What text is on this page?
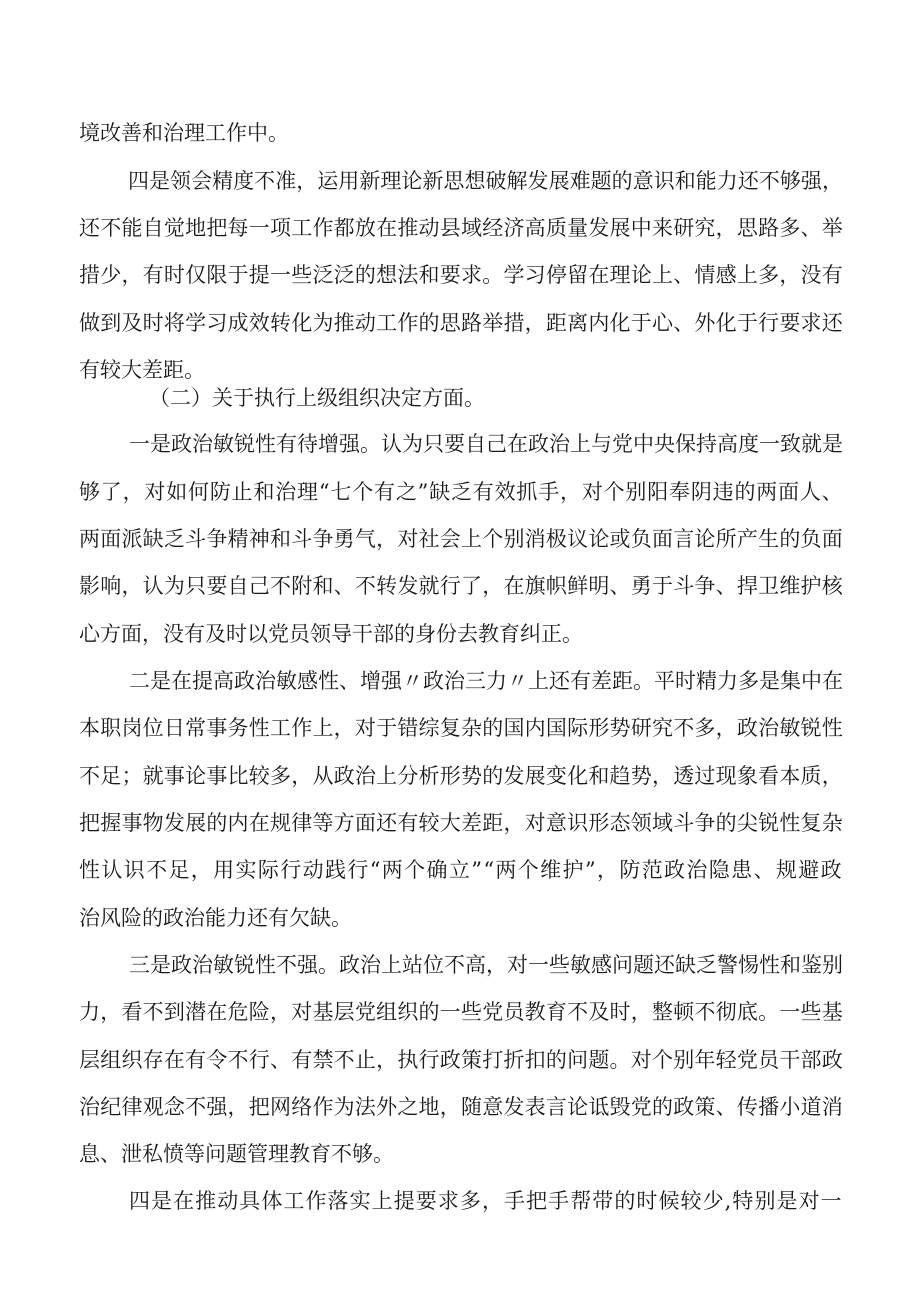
境改善和治理工作中。
四是领会精度不准，运用新理论新思想破解发展难题的意识和能力还不够强，
还不能自觉地把每一项工作都放在推动县域经济高质量发展中来研究，思路多、举
措少，有时仅限于提一些泛泛的想法和要求。学习停留在理论上、情感上多，没有
做到及时将学习成效转化为推动工作的思路举措，距离内化于心、外化于行要求还
有较大差距。
（二）关于执行上级组织决定方面。
一是政治敏锐性有待增强。认为只要自己在政治上与党中央保持高度一致就是
够了，对如何防止和治理“七个有之”缺乏有效抓手，对个别阳奉阴违的两面人、
两面派缺乏斗争精神和斗争勇气，对社会上个别消极议论或负面言论所产生的负面
影响，认为只要自己不附和、不转发就行了，在旗帜鲜明、勇于斗争、捍卫维护核
心方面，没有及时以党员领导干部的身份去教育纠正。
二是在提高政治敏感性、增强〃政治三力〃上还有差距。平时精力多是集中在
本职岗位日常事务性工作上，对于错综复杂的国内国际形势研究不多，政治敏锐性
不足；就事论事比较多，从政治上分析形势的发展变化和趋势，透过现象看本质，
把握事物发展的内在规律等方面还有较大差距，对意识形态领域斗争的尖锐性复杂
性认识不足，用实际行动践行“两个确立”“两个维护”，防范政治隐患、规避政
治风险的政治能力还有欠缺。
三是政治敏锐性不强。政治上站位不高，对一些敏感问题还缺乏警惕性和鉴别
力，看不到潜在危险，对基层党组织的一些党员教育不及时，整顿不彻底。一些基
层组织存在有令不行、有禁不止，执行政策打折扣的问题。对个别年轻党员干部政
治纪律观念不强，把网络作为法外之地，随意发表言论诋毁党的政策、传播小道消
息、泄私愤等问题管理教育不够。
四是在推动具体工作落实上提要求多，手把手帮带的时候较少,特别是对一
